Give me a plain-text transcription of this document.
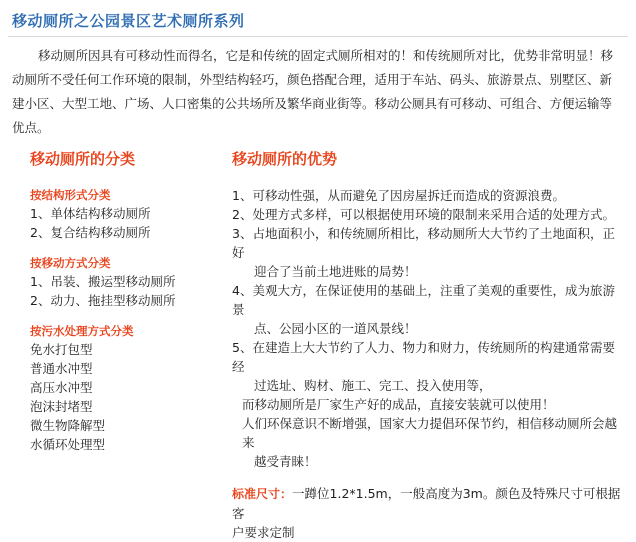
移动厕所之公园景区艺术厕所系列

移动厕所因具有可移动性而得名，它是和传统的固定式厕所相对的！和传统厕所对比，优势非常明显！移动厕所不受任何工作环境的限制，外型结构轻巧，颜色搭配合理，适用于车站、码头、旅游景点、别墅区、新建小区、大型工地、广场、人口密集的公共场所及繁华商业街等。移动公厕具有可移动、可组合、方便运输等优点。

移动厕所的分类
按结构形式分类
1、单体结构移动厕所
2、复合结构移动厕所
按移动方式分类
1、吊装、搬运型移动厕所
2、动力、拖挂型移动厕所
按污水处理方式分类
免水打包型
普通水冲型
高压水冲型
泡沫封堵型
微生物降解型
水循环处理型
移动厕所的优势
1、可移动性强，从而避免了因房屋拆迁而造成的资源浪费。
2、处理方式多样，可以根据使用环境的限制来采用合适的处理方式。
3、占地面积小，和传统厕所相比，移动厕所大大节约了土地面积，正好
迎合了当前土地进账的局势！
4、美观大方，在保证使用的基础上，注重了美观的重要性，成为旅游景
点、公园小区的一道风景线！
5、在建造上大大节约了人力、物力和财力，传统厕所的构建通常需要经
过选址、购材、施工、完工、投入使用等，
而移动厕所是厂家生产好的成品，直接安装就可以使用！
人们环保意识不断增强，国家大力提倡环保节约，相信移动厕所会越来
越受青睐！
标准尺寸：一蹲位1.2*1.5m，一般高度为3m。颜色及特殊尺寸可根据客
户要求定制
